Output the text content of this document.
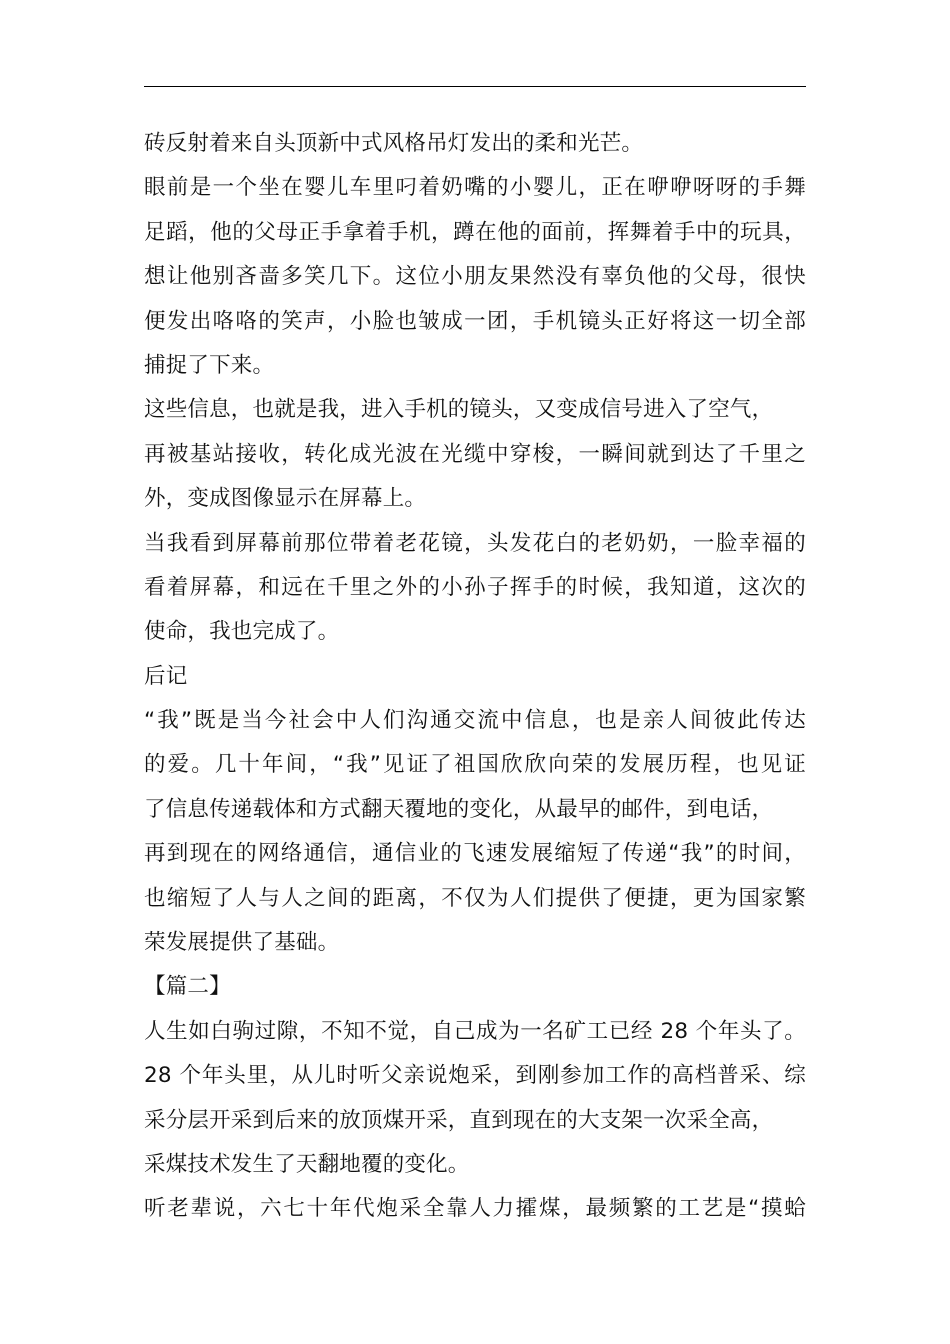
砖反射着来自头顶新中式风格吊灯发出的柔和光芒。
眼前是一个坐在婴儿车里叼着奶嘴的小婴儿，正在咿咿呀呀的手舞
足蹈，他的父母正手拿着手机，蹲在他的面前，挥舞着手中的玩具，
想让他别吝啬多笑几下。这位小朋友果然没有辜负他的父母，很快
便发出咯咯的笑声，小脸也皱成一团，手机镜头正好将这一切全部
捕捉了下来。
这些信息，也就是我，进入手机的镜头，又变成信号进入了空气，
再被基站接收，转化成光波在光缆中穿梭，一瞬间就到达了千里之
外，变成图像显示在屏幕上。
当我看到屏幕前那位带着老花镜，头发花白的老奶奶，一脸幸福的
看着屏幕，和远在千里之外的小孙子挥手的时候，我知道，这次的
使命，我也完成了。
后记
“我”既是当今社会中人们沟通交流中信息，也是亲人间彼此传达
的爱。几十年间，“我”见证了祖国欣欣向荣的发展历程，也见证
了信息传递载体和方式翻天覆地的变化，从最早的邮件，到电话，
再到现在的网络通信，通信业的飞速发展缩短了传递“我”的时间，
也缩短了人与人之间的距离，不仅为人们提供了便捷，更为国家繁
荣发展提供了基础。
【篇二】
人生如白驹过隙，不知不觉，自己成为一名矿工已经 28 个年头了。
28 个年头里，从儿时听父亲说炮采，到刚参加工作的高档普采、综
采分层开采到后来的放顶煤开采，直到现在的大支架一次采全高，
采煤技术发生了天翻地覆的变化。
听老辈说，六七十年代炮采全靠人力攉煤，最频繁的工艺是“摸蛤
